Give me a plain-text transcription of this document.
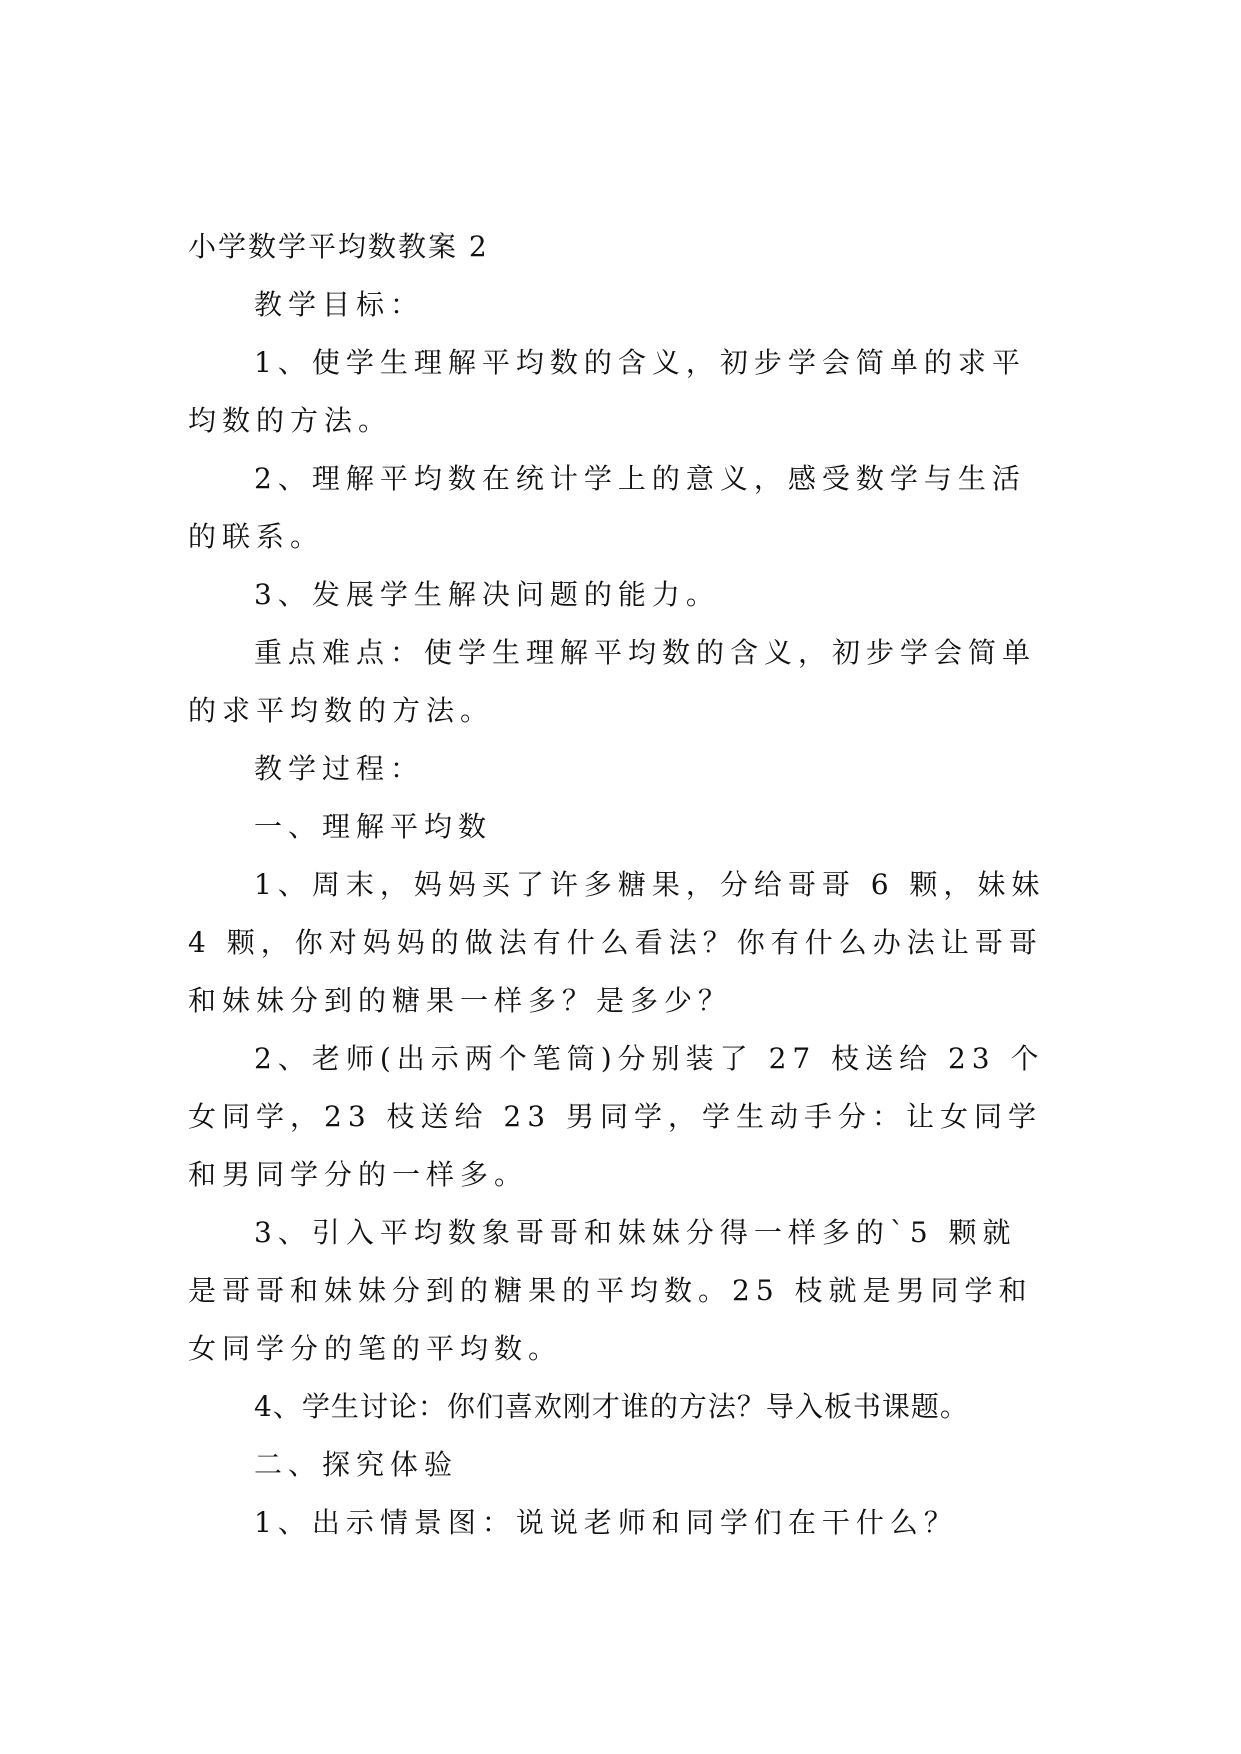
小学数学平均数教案 2

教学目标：

1、使学生理解平均数的含义，初步学会简单的求平均数的方法。

2、理解平均数在统计学上的意义，感受数学与生活的联系。

3、发展学生解决问题的能力。

重点难点：使学生理解平均数的含义，初步学会简单的求平均数的方法。

教学过程：

一、理解平均数

1、周末，妈妈买了许多糖果，分给哥哥 6 颗，妹妹 4 颗，你对妈妈的做法有什么看法？你有什么办法让哥哥和妹妹分到的糖果一样多？是多少？

2、老师(出示两个笔筒)分别装了 27 枝送给 23 个女同学，23 枝送给 23 男同学，学生动手分：让女同学和男同学分的一样多。

3、引入平均数象哥哥和妹妹分得一样多的`5 颗就是哥哥和妹妹分到的糖果的平均数。25 枝就是男同学和女同学分的笔的平均数。

4、学生讨论：你们喜欢刚才谁的方法？导入板书课题。

二、探究体验

1、出示情景图：说说老师和同学们在干什么？
